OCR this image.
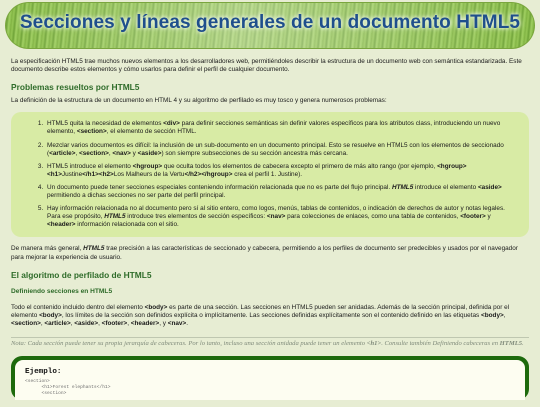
Secciones y líneas generales de un documento HTML5

La especificación HTML5 trae muchos nuevos elementos a los desarrolladores web, permitiéndoles describir la estructura de un documento web con semántica estandarizada. Este documento describe estos elementos y cómo usarlos para definir el perfil de cualquier documento.

Problemas resueltos por HTML5

La definición de la estructura de un documento en HTML 4 y su algoritmo de perfilado es muy tosco y genera numerosos problemas:

1. HTML5 quita la necesidad de elementos <div> para definir secciones semánticas sin definir valores específicos para los atributos class, introduciendo un nuevo elemento, <section>, el elemento de sección HTML.
2. Mezclar varios documentos es difícil: la inclusión de un sub-documento en un documento principal. Esto se resuelve en HTML5 con los elementos de seccionado (<article>, <section>, <nav> y <aside>) son siempre subsecciones de su sección ancestra más cercana.
3. HTML5 introduce el elemento <hgroup> que oculta todos los elementos de cabecera excepto el primero de más alto rango (por ejemplo, <hgroup><h1>Justine</h1><h2>Los Malheurs de la Vertu</h2></hgroup> crea el perfil 1. Justine).
4. Un documento puede tener secciones especiales conteniendo información relacionada que no es parte del flujo principal. HTML5 introduce el elemento <aside> permitiendo a dichas secciones no ser parte del perfil principal.
5. Hay información relacionada no al documento pero sí al sitio entero, como logos, menús, tablas de contenidos, o indicación de derechos de autor y notas legales. Para ese propósito, HTML5 introduce tres elementos de sección específicos: <nav> para colecciones de enlaces, como una tabla de contenidos, <footer> y <header> información relacionada con el sitio.

De manera más general, HTML5 trae precisión a las características de seccionado y cabecera, permitiendo a los perfiles de documento ser predecibles y usados por el navegador para mejorar la experiencia de usuario.

El algoritmo de perfilado de HTML5
Definiendo secciones en HTML5

Todo el contenido incluido dentro del elemento <body> es parte de una sección. Las secciones en HTML5 pueden ser anidadas. Además de la sección principal, definida por el elemento <body>, los límites de la sección son definidos explícita o implícitamente. Las secciones definidas explícitamente son el contenido definido en las etiquetas <body>, <section>, <article>, <aside>, <footer>, <header>, y <nav>.

Nota: Cada sección puede tener su propia jerarquía de cabeceras. Por lo tanto, incluso una sección anidada puede tener un elemento <h1>. Consulte también Definiendo cabeceras en HTML5.

Ejemplo:
<section>
<h1>Forest elephants</h1>
<section>
